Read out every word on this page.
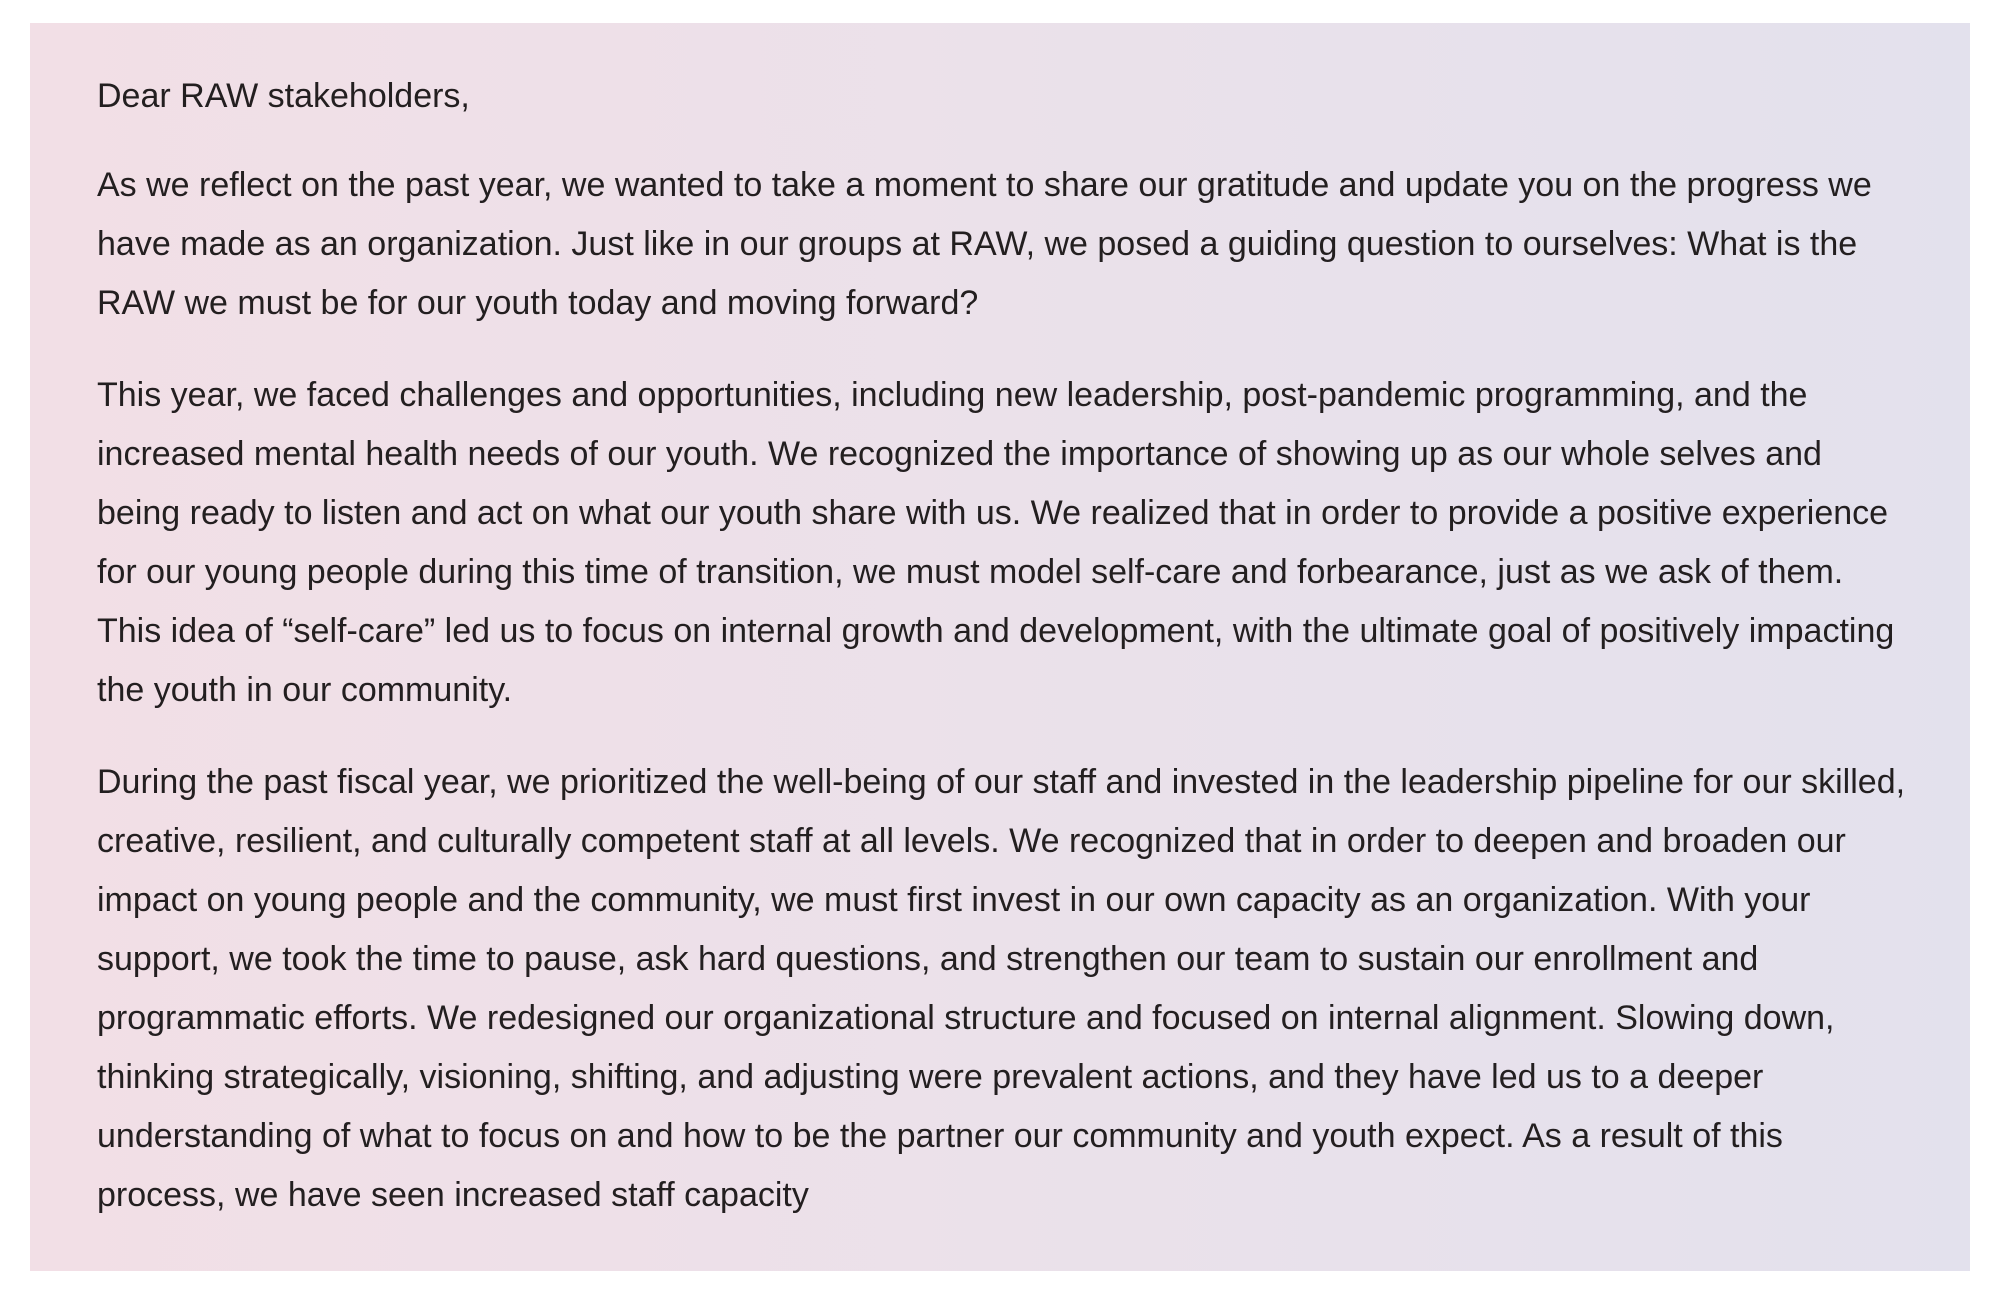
Dear RAW stakeholders,

As we reflect on the past year, we wanted to take a moment to share our gratitude and update you on the progress we have made as an organization. Just like in our groups at RAW, we posed a guiding question to ourselves: What is the RAW we must be for our youth today and moving forward?

This year, we faced challenges and opportunities, including new leadership, post-pandemic programming, and the increased mental health needs of our youth. We recognized the importance of showing up as our whole selves and being ready to listen and act on what our youth share with us. We realized that in order to provide a positive experience for our young people during this time of transition, we must model self-care and forbearance, just as we ask of them. This idea of “self-care” led us to focus on internal growth and development, with the ultimate goal of positively impacting the youth in our community.

During the past fiscal year, we prioritized the well-being of our staff and invested in the leadership pipeline for our skilled, creative, resilient, and culturally competent staff at all levels. We recognized that in order to deepen and broaden our impact on young people and the community, we must first invest in our own capacity as an organization. With your support, we took the time to pause, ask hard questions, and strengthen our team to sustain our enrollment and programmatic efforts. We redesigned our organizational structure and focused on internal alignment. Slowing down, thinking strategically, visioning, shifting, and adjusting were prevalent actions, and they have led us to a deeper understanding of what to focus on and how to be the partner our community and youth expect. As a result of this process, we have seen increased staff capacity
